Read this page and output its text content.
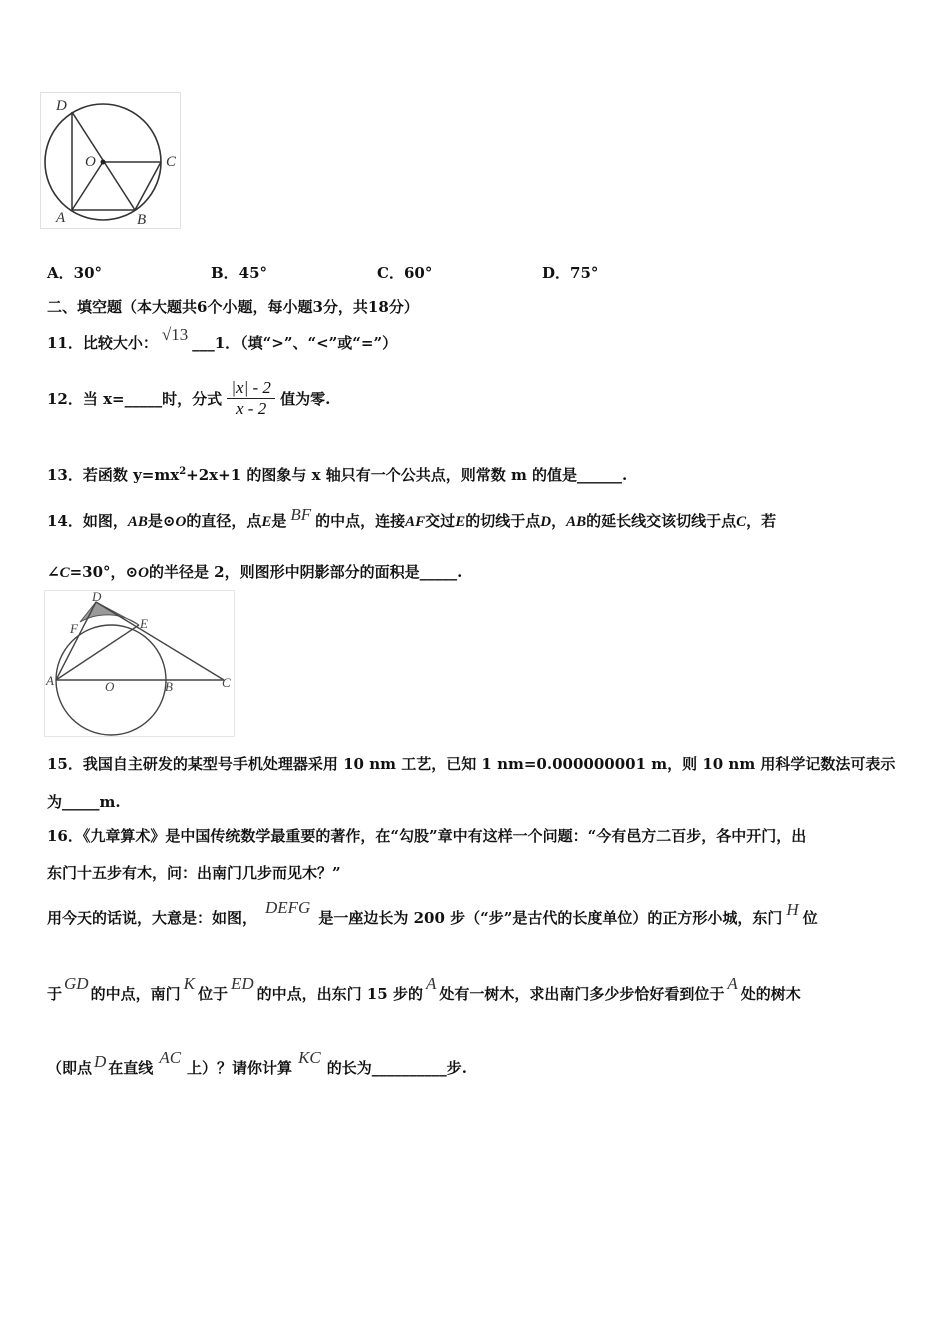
D
O	C
A	B
A．30°	B．45°	C．60°	D．75°
二、填空题（本大题共6个小题，每小题3分，共18分）
11．比较大小： √13 ___1．（填“>”、“<”或“=”）
12．当 x=_____时，分式 $\frac{|x| - 2}{x - 2}$ 值为零.
13．若函数 $y=mx^2+2x+1$ 的图象与 x 轴只有一个公共点，则常数 m 的值是______.
14．如图，AB是⊙O的直径，点E是 BF 的中点，连接AF交过E的切线于点D，AB的延长线交该切线于点C，若
∠C=30°，⊙O的半径是 2，则图形中阴影部分的面积是_____.
D
F	E
A	O	B	C
15．我国自主研发的某型号手机处理器采用 10 nm 工艺，已知 1 nm=0.000000001 m，则 10 nm 用科学记数法可表示
为_____m.
16．《九章算术》是中国传统数学最重要的著作，在“勾股”章中有这样一个问题：“今有邑方二百步，各中开门，出
东门十五步有木，问：出南门几步而见木？”
用今天的话说，大意是：如图，DEFG是一座边长为 200 步（“步”是古代的长度单位）的正方形小城，东门 H 位
于GD的中点，南门K位于ED的中点，出东门 15 步的A处有一树木，求出南门多少步恰好看到位于A处的树木
（即点 D 在直线AC上）？请你计算KC的长为__________步.
